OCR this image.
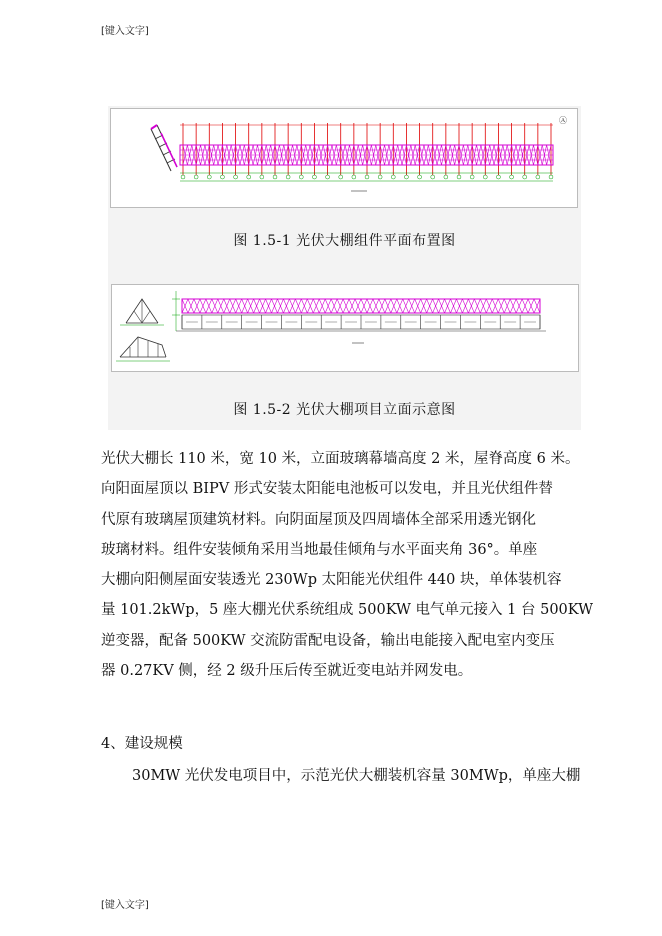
[键入文字]
Ⓐ
图 1.5-1 光伏大棚组件平面布置图
图 1.5-2 光伏大棚项目立面示意图
光伏大棚长 110 米，宽 10 米，立面玻璃幕墙高度 2 米，屋脊高度 6 米。
向阳面屋顶以 BIPV 形式安装太阳能电池板可以发电，并且光伏组件替
代原有玻璃屋顶建筑材料。向阴面屋顶及四周墙体全部采用透光钢化
玻璃材料。组件安装倾角采用当地最佳倾角与水平面夹角 36°。单座
大棚向阳侧屋面安装透光 230Wp 太阳能光伏组件 440 块，单体装机容
量 101.2kWp，5 座大棚光伏系统组成 500KW 电气单元接入 1 台 500KW
逆变器，配备 500KW 交流防雷配电设备，输出电能接入配电室内变压
器 0.27KV 侧，经 2 级升压后传至就近变电站并网发电。
4、建设规模
30MW 光伏发电项目中，示范光伏大棚装机容量 30MWp，单座大棚
[键入文字]
